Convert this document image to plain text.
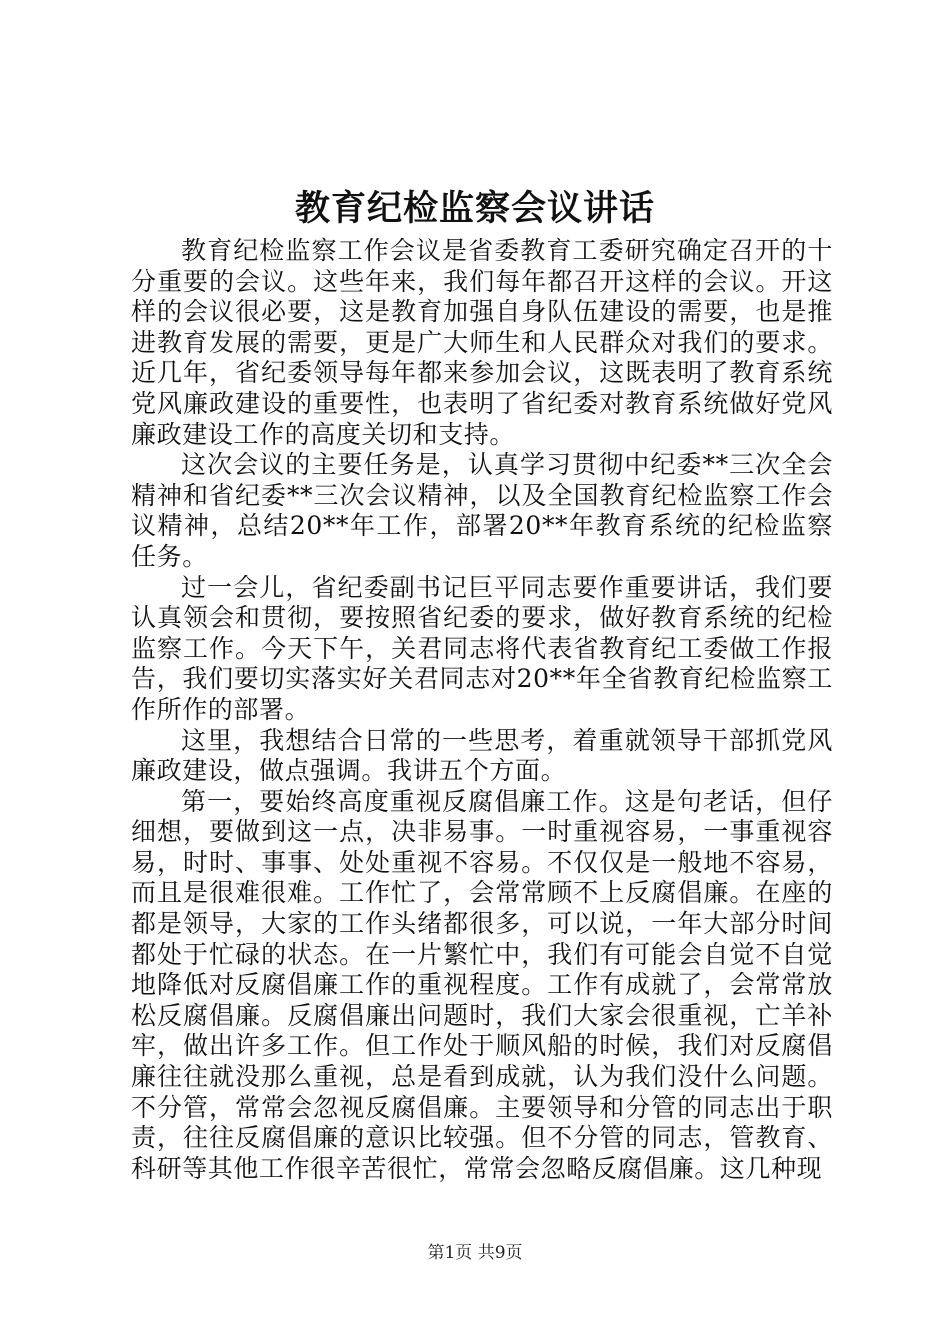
教育纪检监察会议讲话

教育纪检监察工作会议是省委教育工委研究确定召开的十分重要的会议。这些年来，我们每年都召开这样的会议。开这样的会议很必要，这是教育加强自身队伍建设的需要，也是推进教育发展的需要，更是广大师生和人民群众对我们的要求。近几年，省纪委领导每年都来参加会议，这既表明了教育系统党风廉政建设的重要性，也表明了省纪委对教育系统做好党风廉政建设工作的高度关切和支持。

这次会议的主要任务是，认真学习贯彻中纪委**三次全会精神和省纪委**三次会议精神，以及全国教育纪检监察工作会议精神，总结20**年工作，部署20**年教育系统的纪检监察任务。

过一会儿，省纪委副书记巨平同志要作重要讲话，我们要认真领会和贯彻，要按照省纪委的要求，做好教育系统的纪检监察工作。今天下午，关君同志将代表省教育纪工委做工作报告，我们要切实落实好关君同志对20**年全省教育纪检监察工作所作的部署。

这里，我想结合日常的一些思考，着重就领导干部抓党风廉政建设，做点强调。我讲五个方面。

第一，要始终高度重视反腐倡廉工作。这是句老话，但仔细想，要做到这一点，决非易事。一时重视容易，一事重视容易，时时、事事、处处重视不容易。不仅仅是一般地不容易，而且是很难很难。工作忙了，会常常顾不上反腐倡廉。在座的都是领导，大家的工作头绪都很多，可以说，一年大部分时间都处于忙碌的状态。在一片繁忙中，我们有可能会自觉不自觉地降低对反腐倡廉工作的重视程度。工作有成就了，会常常放松反腐倡廉。反腐倡廉出问题时，我们大家会很重视，亡羊补牢，做出许多工作。但工作处于顺风船的时候，我们对反腐倡廉往往就没那么重视，总是看到成就，认为我们没什么问题。不分管，常常会忽视反腐倡廉。主要领导和分管的同志出于职责，往往反腐倡廉的意识比较强。但不分管的同志，管教育、科研等其他工作很辛苦很忙，常常会忽略反腐倡廉。这几种现

第1页 共9页
